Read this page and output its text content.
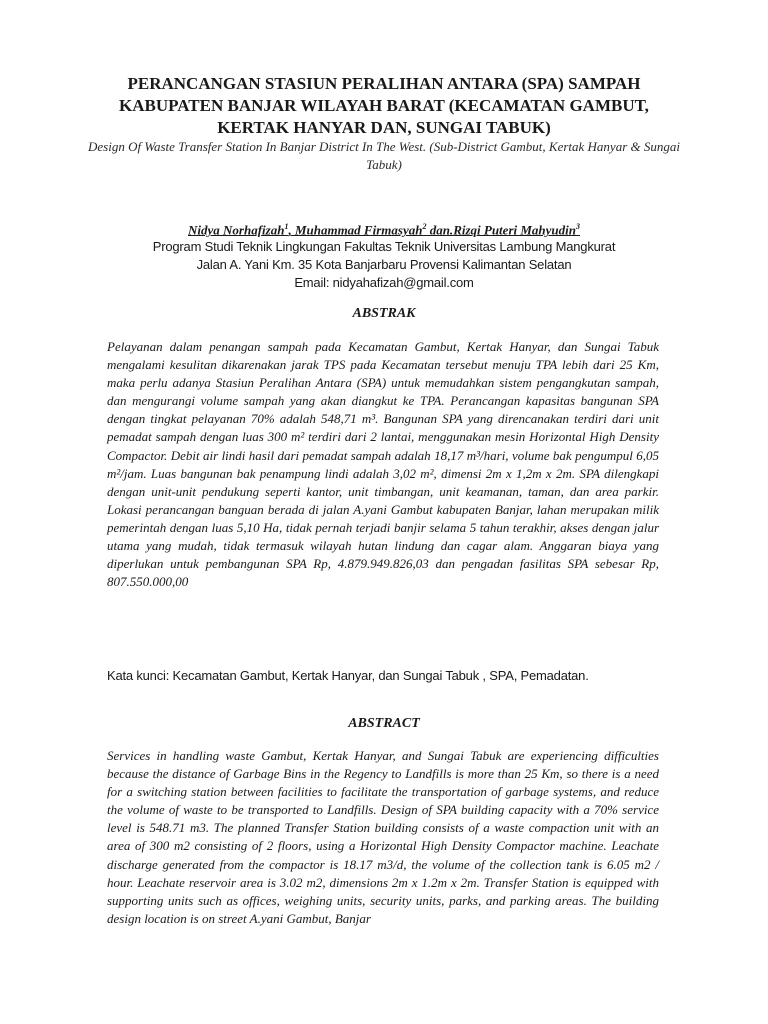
PERANCANGAN STASIUN PERALIHAN ANTARA (SPA) SAMPAH
KABUPATEN BANJAR WILAYAH BARAT (KECAMATAN GAMBUT,
KERTAK HANYAR DAN, SUNGAI TABUK)

Design Of Waste Transfer Station In Banjar District In The West. (Sub-District Gambut, Kertak Hanyar & Sungai Tabuk)

Nidya Norhafizah$^1$, Muhammad Firmasyah$^2$ dan.Rizqi Puteri Mahyudin$^3$

Program Studi Teknik Lingkungan Fakultas Teknik Universitas Lambung Mangkurat
Jalan A. Yani Km. 35 Kota Banjarbaru Provensi Kalimantan Selatan
Email: nidyahafizah@gmail.com
ABSTRAK

Pelayanan dalam penangan sampah pada Kecamatan Gambut, Kertak Hanyar, dan Sungai Tabuk mengalami kesulitan dikarenakan jarak TPS pada Kecamatan tersebut menuju TPA lebih dari 25 Km, maka perlu adanya Stasiun Peralihan Antara (SPA) untuk memudahkan sistem pengangkutan sampah, dan mengurangi volume sampah yang akan diangkut ke TPA. Perancangan kapasitas bangunan SPA dengan tingkat pelayanan 70% adalah 548,71 m³. Bangunan SPA yang direncanakan terdiri dari unit pemadat sampah dengan luas 300 m² terdiri dari 2 lantai, menggunakan mesin Horizontal High Density Compactor. Debit air lindi hasil dari pemadat sampah adalah 18,17 m³/hari, volume bak pengumpul 6,05 m²/jam. Luas bangunan bak penampung lindi adalah 3,02 m², dimensi 2m x 1,2m x 2m. SPA dilengkapi dengan unit-unit pendukung seperti kantor, unit timbangan, unit keamanan, taman, dan area parkir. Lokasi perancangan banguan berada di jalan A.yani Gambut kabupaten Banjar, lahan merupakan milik pemerintah dengan luas 5,10 Ha, tidak pernah terjadi banjir selama 5 tahun terakhir, akses dengan jalur utama yang mudah, tidak termasuk wilayah hutan lindung dan cagar alam. Anggaran biaya yang diperlukan untuk pembangunan SPA Rp, 4.879.949.826,03 dan pengadan fasilitas SPA sebesar Rp, 807.550.000,00

Kata kunci: Kecamatan Gambut, Kertak Hanyar, dan Sungai Tabuk , SPA, Pemadatan.

ABSTRACT

Services in handling waste Gambut, Kertak Hanyar, and Sungai Tabuk are experiencing difficulties because the distance of Garbage Bins in the Regency to Landfills is more than 25 Km, so there is a need for a switching station between facilities to facilitate the transportation of garbage systems, and reduce the volume of waste to be transported to Landfills. Design of SPA building capacity with a 70% service level is 548.71 m3. The planned Transfer Station building consists of a waste compaction unit with an area of 300 m2 consisting of 2 floors, using a Horizontal High Density Compactor machine. Leachate discharge generated from the compactor is 18.17 m3/d, the volume of the collection tank is 6.05 m2 / hour. Leachate reservoir area is 3.02 m2, dimensions 2m x 1.2m x 2m. Transfer Station is equipped with supporting units such as offices, weighing units, security units, parks, and parking areas. The building design location is on street A.yani Gambut, Banjar
